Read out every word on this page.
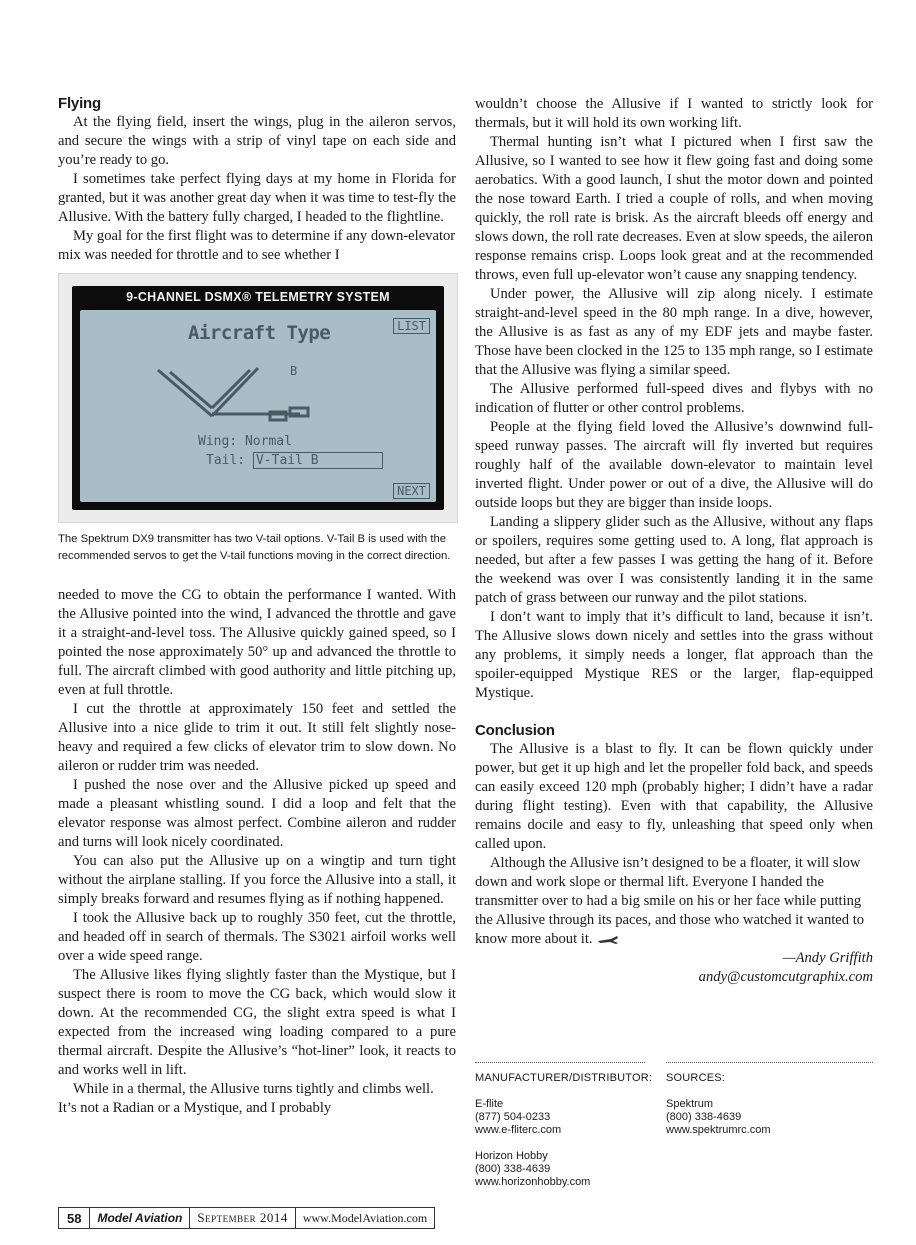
Flying

At the flying field, insert the wings, plug in the aileron servos, and secure the wings with a strip of vinyl tape on each side and you’re ready to go.

I sometimes take perfect flying days at my home in Florida for granted, but it was another great day when it was time to test-fly the Allusive. With the battery fully charged, I headed to the flightline.

My goal for the first flight was to determine if any down-elevator mix was needed for throttle and to see whether I

9-CHANNEL DSMX® TELEMETRY SYSTEM
Aircraft Type	LIST
B
Wing: Normal
Tail: V-Tail B
NEXT

The Spektrum DX9 transmitter has two V-tail options. V-Tail B is used with the recommended servos to get the V-tail functions moving in the correct direction.

needed to move the CG to obtain the performance I wanted. With the Allusive pointed into the wind, I advanced the throttle and gave it a straight-and-level toss. The Allusive quickly gained speed, so I pointed the nose approximately 50° up and advanced the throttle to full. The aircraft climbed with good authority and little pitching up, even at full throttle.

I cut the throttle at approximately 150 feet and settled the Allusive into a nice glide to trim it out. It still felt slightly nose-heavy and required a few clicks of elevator trim to slow down. No aileron or rudder trim was needed.

I pushed the nose over and the Allusive picked up speed and made a pleasant whistling sound. I did a loop and felt that the elevator response was almost perfect. Combine aileron and rudder and turns will look nicely coordinated.

You can also put the Allusive up on a wingtip and turn tight without the airplane stalling. If you force the Allusive into a stall, it simply breaks forward and resumes flying as if nothing happened.

I took the Allusive back up to roughly 350 feet, cut the throttle, and headed off in search of thermals. The S3021 airfoil works well over a wide speed range.

The Allusive likes flying slightly faster than the Mystique, but I suspect there is room to move the CG back, which would slow it down. At the recommended CG, the slight extra speed is what I expected from the increased wing loading compared to a pure thermal aircraft. Despite the Allusive’s “hot-liner” look, it reacts to and works well in lift.

While in a thermal, the Allusive turns tightly and climbs well. It’s not a Radian or a Mystique, and I probably

wouldn’t choose the Allusive if I wanted to strictly look for thermals, but it will hold its own working lift.

Thermal hunting isn’t what I pictured when I first saw the Allusive, so I wanted to see how it flew going fast and doing some aerobatics. With a good launch, I shut the motor down and pointed the nose toward Earth. I tried a couple of rolls, and when moving quickly, the roll rate is brisk. As the aircraft bleeds off energy and slows down, the roll rate decreases. Even at slow speeds, the aileron response remains crisp. Loops look great and at the recommended throws, even full up-elevator won’t cause any snapping tendency.

Under power, the Allusive will zip along nicely. I estimate straight-and-level speed in the 80 mph range. In a dive, however, the Allusive is as fast as any of my EDF jets and maybe faster. Those have been clocked in the 125 to 135 mph range, so I estimate that the Allusive was flying a similar speed.

The Allusive performed full-speed dives and flybys with no indication of flutter or other control problems.

People at the flying field loved the Allusive’s downwind full-speed runway passes. The aircraft will fly inverted but requires roughly half of the available down-elevator to maintain level inverted flight. Under power or out of a dive, the Allusive will do outside loops but they are bigger than inside loops.

Landing a slippery glider such as the Allusive, without any flaps or spoilers, requires some getting used to. A long, flat approach is needed, but after a few passes I was getting the hang of it. Before the weekend was over I was consistently landing it in the same patch of grass between our runway and the pilot stations.

I don’t want to imply that it’s difficult to land, because it isn’t. The Allusive slows down nicely and settles into the grass without any problems, it simply needs a longer, flat approach than the spoiler-equipped Mystique RES or the larger, flap-equipped Mystique.

Conclusion

The Allusive is a blast to fly. It can be flown quickly under power, but get it up high and let the propeller fold back, and speeds can easily exceed 120 mph (probably higher; I didn’t have a radar during flight testing). Even with that capability, the Allusive remains docile and easy to fly, unleashing that speed only when called upon.

Although the Allusive isn’t designed to be a floater, it will slow down and work slope or thermal lift. Everyone I handed the transmitter over to had a big smile on his or her face while putting the Allusive through its paces, and those who watched it wanted to know more about it.

—Andy Griffith

andy@customcutgraphix.com

MANUFACTURER/DISTRIBUTOR:
E-flite
(877) 504-0233
www.e-fliterc.com
Horizon Hobby
(800) 338-4639
www.horizonhobby.com
SOURCES:
Spektrum
(800) 338-4639
www.spektrumrc.com
58	Model Aviation	September 2014	www.ModelAviation.com
